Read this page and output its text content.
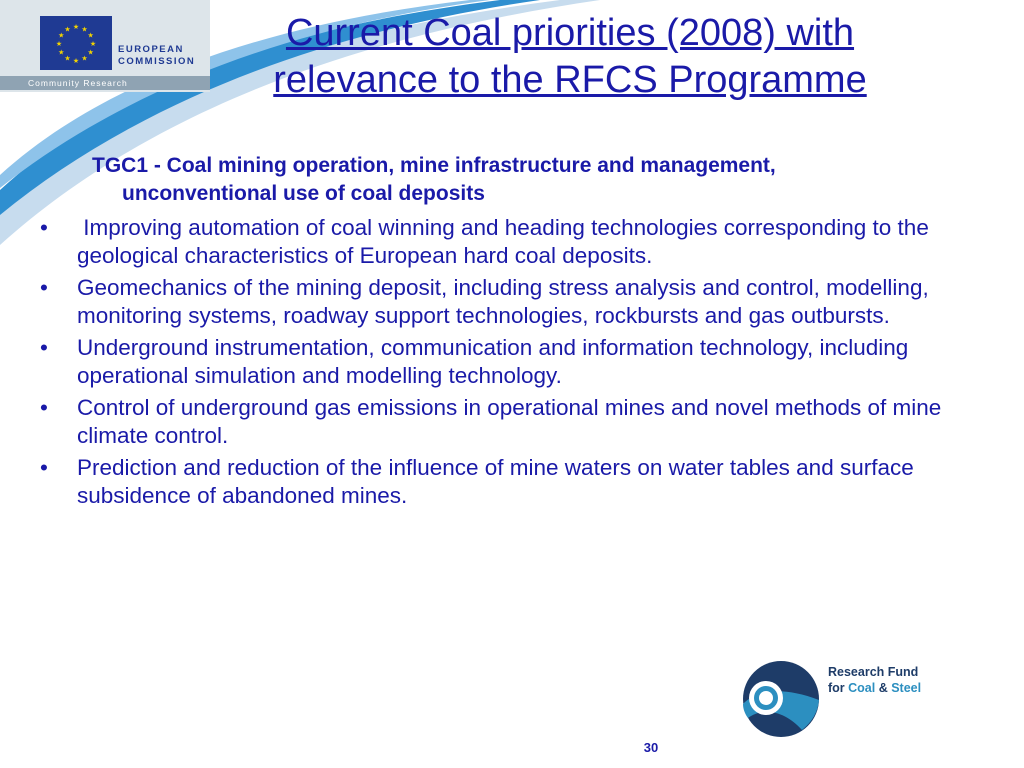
★ ★
★
★
★
★
★
★
★
★
★
★
EUROPEAN
COMMISSION
Community Research
Current Coal priorities (2008) with relevance to the RFCS Programme

TGC1 - Coal mining operation, mine infrastructure and management, unconventional use of coal deposits

•	Improving automation of coal winning and heading technologies corresponding to the geological characteristics of European hard coal deposits.
•	Geomechanics of the mining deposit, including stress analysis and control, modelling, monitoring systems, roadway support technologies, rockbursts and gas outbursts.
•	Underground instrumentation, communication and information technology, including operational simulation and modelling technology.
•	Control of underground gas emissions in operational mines and novel methods of mine climate control.
•	Prediction and reduction of the influence of mine waters on water tables and surface subsidence of abandoned mines.
Research Fund
for Coal & Steel
30
